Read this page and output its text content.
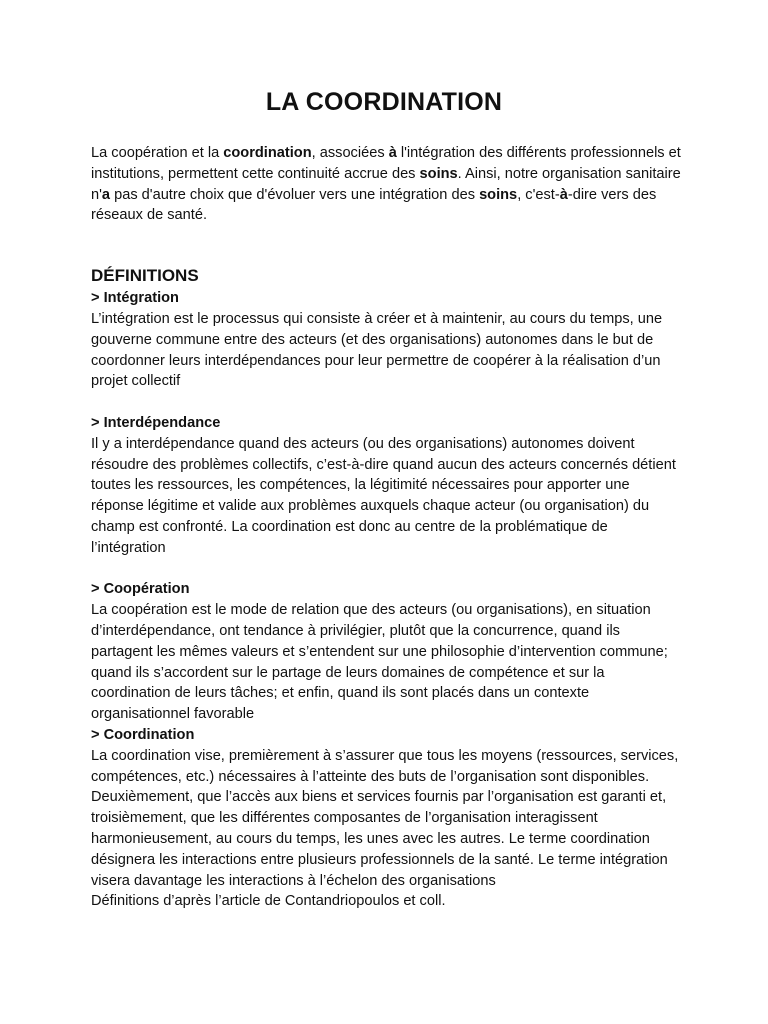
LA COORDINATION

La coopération et la coordination, associées à l'intégration des différents professionnels et institutions, permettent cette continuité accrue des soins. Ainsi, notre organisation sanitaire n'a pas d'autre choix que d'évoluer vers une intégration des soins, c'est-à-dire vers des réseaux de santé.

DÉFINITIONS
> Intégration

L’intégration est le processus qui consiste à créer et à maintenir, au cours du temps, une gouverne commune entre des acteurs (et des organisations) autonomes dans le but de coordonner leurs interdépendances pour leur permettre de coopérer à la réalisation d’un projet collectif

> Interdépendance

Il y a interdépendance quand des acteurs (ou des organisations) autonomes doivent résoudre des problèmes collectifs, c’est-à-dire quand aucun des acteurs concernés détient toutes les ressources, les compétences, la légitimité nécessaires pour apporter une réponse légitime et valide aux problèmes auxquels chaque acteur (ou organisation) du champ est confronté. La coordination est donc au centre de la problématique de l’intégration

> Coopération

La coopération est le mode de relation que des acteurs (ou organisations), en situation d’interdépendance, ont tendance à privilégier, plutôt que la concurrence, quand ils partagent les mêmes valeurs et s’entendent sur une philosophie d’intervention commune; quand ils s’accordent sur le partage de leurs domaines de compétence et sur la coordination de leurs tâches; et enfin, quand ils sont placés dans un contexte organisationnel favorable

> Coordination

La coordination vise, premièrement à s’assurer que tous les moyens (ressources, services, compétences, etc.) nécessaires à l’atteinte des buts de l’organisation sont disponibles. Deuxièmement, que l’accès aux biens et services fournis par l’organisation est garanti et, troisièmement, que les différentes composantes de l’organisation interagissent harmonieusement, au cours du temps, les unes avec les autres. Le terme coordination désignera les interactions entre plusieurs professionnels de la santé. Le terme intégration visera davantage les interactions à l’échelon des organisations

Définitions d’après l’article de Contandriopoulos et coll.
